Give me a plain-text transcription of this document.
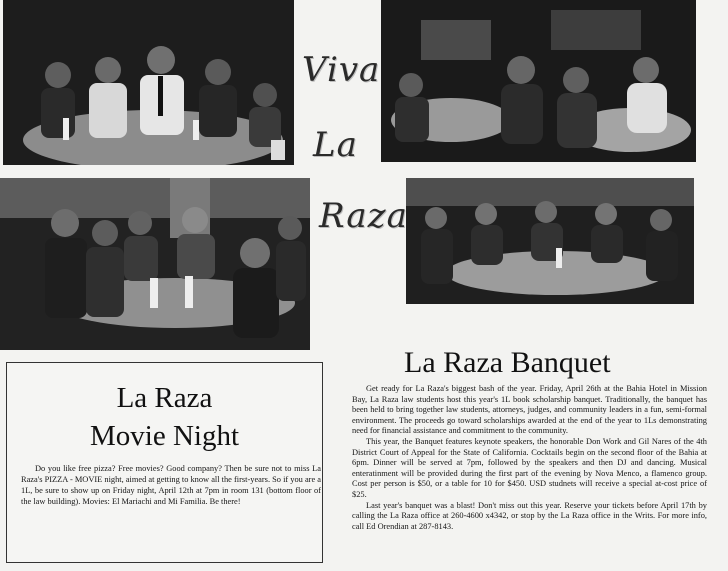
Viva
La
Raza
La Raza
Movie Night
Do you like free pizza? Free movies? Good company? Then be sure not to miss La Raza's PIZZA - MOVIE night, aimed at getting to know all the first-years. So if you are a 1L, be sure to show up on Friday night, April 12th at 7pm in room 131 (bottom floor of the law building). Movies: El Mariachi and Mi Familia. Be there!
La Raza Banquet

Get ready for La Raza's biggest bash of the year. Friday, April 26th at the Bahia Hotel in Mission Bay, La Raza law students host this year's 1L book scholarship banquet. Traditionally, the banquet has been held to bring together law students, attorneys, judges, and community leaders in a fun, semi-formal environment. The proceeds go toward scholarships awarded at the end of the year to 1Ls demonstrating need for financial assistance and commitment to the community.

This year, the Banquet features keynote speakers, the honorable Don Work and Gil Nares of the 4th District Court of Appeal for the State of California. Cocktails begin on the second floor of the Bahia at 6pm. Dinner will be served at 7pm, followed by the speakers and then DJ and dancing. Musical enteratinment will be provided during the first part of the evening by Nova Menco, a flamenco group. Cost per person is $50, or a table for 10 for $450. USD studnets will receive a special at-cost price of $25.

Last year's banquet was a blast! Don't miss out this year. Reserve your tickets before April 17th by calling the La Raza office at 260-4600 x4342, or stop by the La Raza office in the Writs. For more info, call Ed Orendian at 287-8143.
